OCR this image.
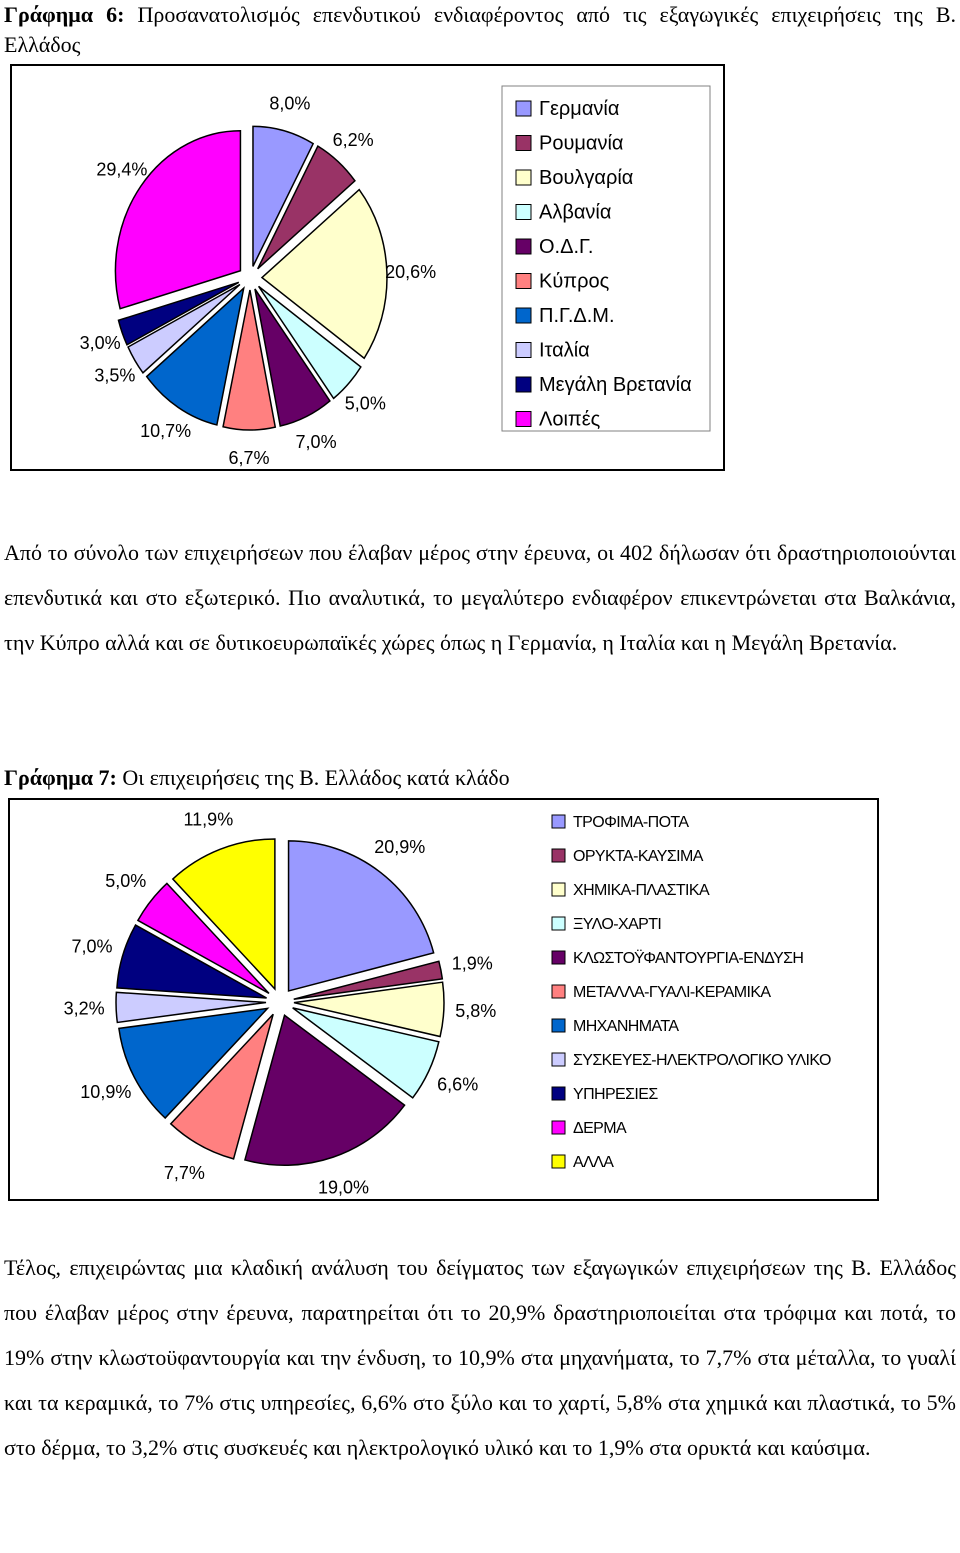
Γράφημα 6: Προσανατολισμός επενδυτικού ενδιαφέροντος από τις εξαγωγικές επιχειρήσεις της Β. Ελλάδος
8,0%
6,2%
20,6%
5,0%
7,0%
6,7%
10,7%
3,5%
3,0%
29,4%
Γερμανία
Ρουμανία
Βουλγαρία
Αλβανία
Ο.Δ.Γ.
Κύπρος
Π.Γ.Δ.Μ.
Ιταλία
Μεγάλη Βρετανία
Λοιπές
Από το σύνολο των επιχειρήσεων που έλαβαν μέρος στην έρευνα, οι 402 δήλωσαν ότι δραστηριοποιούνται επενδυτικά και στο εξωτερικό. Πιο αναλυτικά, το μεγαλύτερο ενδιαφέρον επικεντρώνεται στα Βαλκάνια, την Κύπρο αλλά και σε δυτικοευρωπαϊκές χώρες όπως η Γερμανία, η Ιταλία και η Μεγάλη Βρετανία.
Γράφημα 7: Οι επιχειρήσεις της Β. Ελλάδος κατά κλάδο
20,9%
1,9%
5,8%
6,6%
19,0%
7,7%
10,9%
3,2%
7,0%
5,0%
11,9%	ΤΡΟΦΙΜΑ-ΠΟΤΑ
ΟΡΥΚΤΑ-ΚΑΥΣΙΜΑ
ΧΗΜΙΚΑ-ΠΛΑΣΤΙΚΑ
ΞΥΛΟ-ΧΑΡΤΙ
ΚΛΩΣΤΟΫΦΑΝΤΟΥΡΓΙΑ-ΕΝΔΥΣΗ
ΜΕΤΑΛΛΑ-ΓΥΑΛΙ-ΚΕΡΑΜΙΚΑ
ΜΗΧΑΝΗΜΑΤΑ
ΣΥΣΚΕΥΕΣ-ΗΛΕΚΤΡΟΛΟΓΙΚΟ ΥΛΙΚΟ
ΥΠΗΡΕΣΙΕΣ
ΔΕΡΜΑ
ΑΛΛΑ
Τέλος, επιχειρώντας μια κλαδική ανάλυση του δείγματος των εξαγωγικών επιχειρήσεων της Β. Ελλάδος που έλαβαν μέρος στην έρευνα, παρατηρείται ότι το 20,9% δραστηριοποιείται στα τρόφιμα και ποτά, το 19% στην κλωστοϋφαντουργία και την ένδυση, το 10,9% στα μηχανήματα, το 7,7% στα μέταλλα, το γυαλί και τα κεραμικά, το 7% στις υπηρεσίες, 6,6% στο ξύλο και το χαρτί, 5,8% στα χημικά και πλαστικά, το 5% στο δέρμα, το 3,2% στις συσκευές και ηλεκτρολογικό υλικό και το 1,9% στα ορυκτά και καύσιμα.
